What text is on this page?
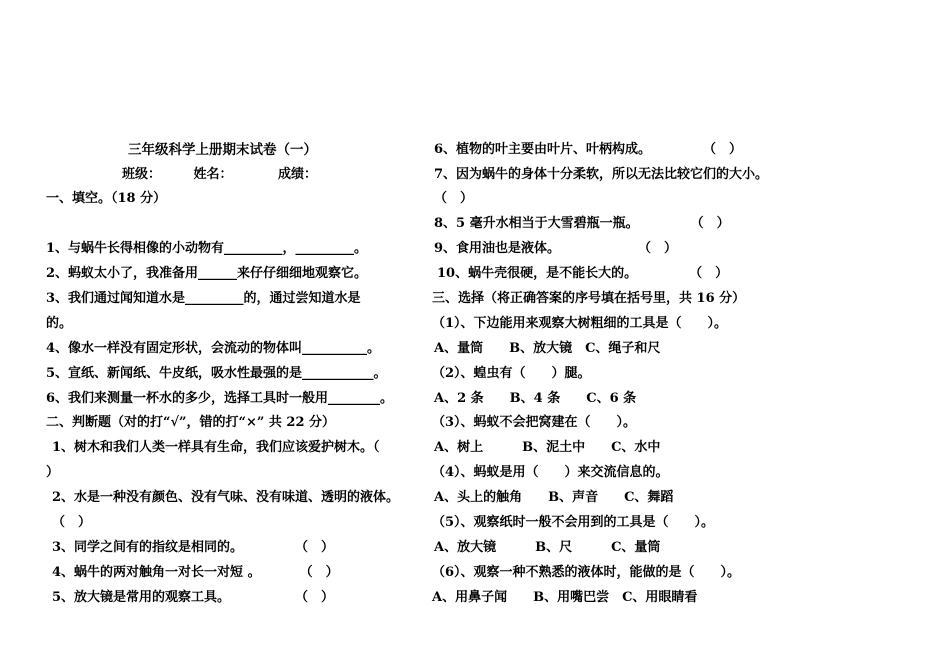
三年级科学上册期末试卷（一）
班级：　　　姓名：　　　　成绩：
一、填空。（18 分）
1、与蜗牛长得相像的小动物有_________，_________。
2、蚂蚁太小了，我准备用______来仔仔细细地观察它。
3、我们通过闻知道水是_________的，通过尝知道水是
的。
4、像水一样没有固定形状，会流动的物体叫__________。
5、宣纸、新闻纸、牛皮纸，吸水性最强的是___________。
6、我们来测量一杯水的多少，选择工具时一般用________。
二、判断题（对的打“√”，错的打“×” 共 22 分）
1、树木和我们人类一样具有生命，我们应该爱护树木。（
）
2、水是一种没有颜色、没有气味、没有味道、透明的液体。
（　）
3、同学之间有的指纹是相同的。　　　　　（　）
4、蜗牛的两对触角一对长一对短 。　　　　（　）
5、放大镜是常用的观察工具。　　　　　　（　）
6、植物的叶主要由叶片、叶柄构成。　　　　　（　）
7、因为蜗牛的身体十分柔软，所以无法比较它们的大小。
（　）
8、5 毫升水相当于大雪碧瓶一瓶。　　　　　（　）
9、食用油也是液体。　　　　　　　（　）
10、蜗牛壳很硬，是不能长大的。　　　　　（　）
三、选择（将正确答案的序号填在括号里，共 16 分）
（1）、下边能用来观察大树粗细的工具是（　　）。
A、量筒　　B、放大镜　C、绳子和尺
（2）、蝗虫有（　　）腿。
A、2 条　　B、4 条　　C、6 条
（3）、蚂蚁不会把窝建在（　　）。
A、树上　　　B、泥土中　　C、水中
（4）、蚂蚁是用（　　）来交流信息的。
A、头上的触角　　B、声音　　C、舞蹈
（5）、观察纸时一般不会用到的工具是（　　）。
A、放大镜　　　B、尺　　　C、量筒
（6）、观察一种不熟悉的液体时，能做的是（　　）。
A、用鼻子闻　　B、用嘴巴尝　C、用眼睛看
